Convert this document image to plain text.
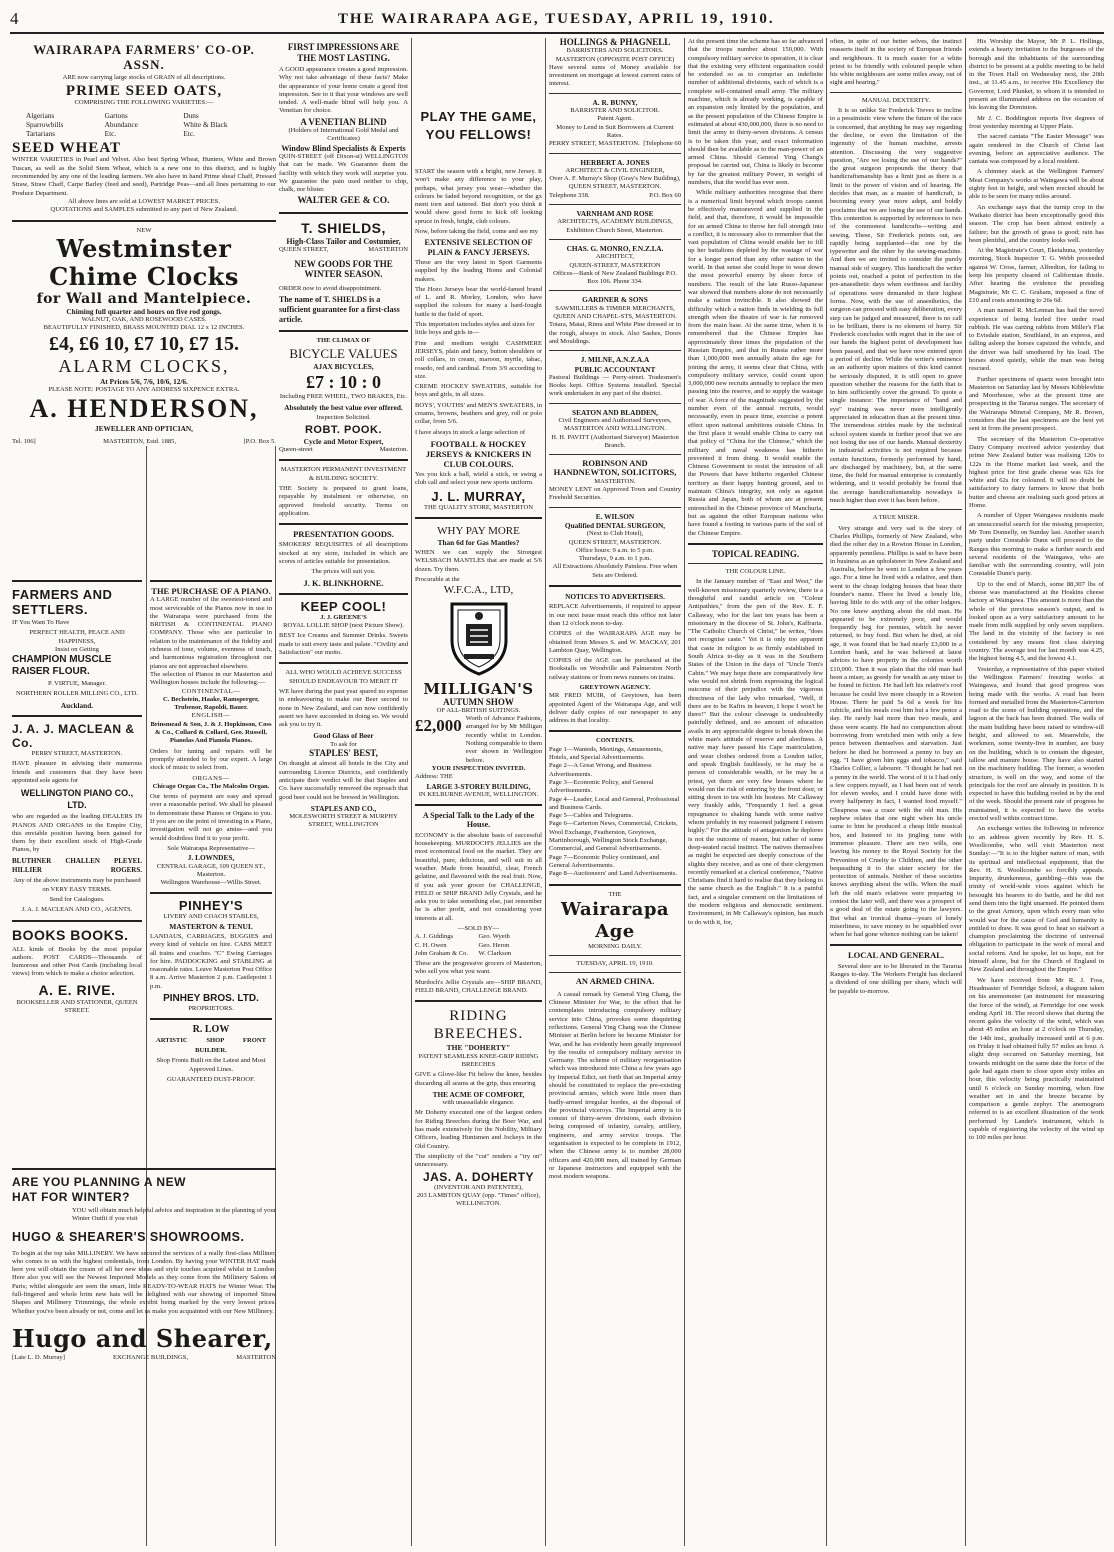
4	THE WAIRARAPA AGE, TUESDAY, APRIL 19, 1910.
WAIRARAPA FARMERS' CO-OP. ASSN.
ARE now carrying large stocks of GRAIN of all descriptions.
PRIME SEED OATS,
COMPRISING THE FOLLOWING VARIETIES:—
Algerians	Gartons	Duns
Sparrowbills	Abundance	White & Black
Tartarians	Etc.	Etc.
SEED WHEAT
WINTER VARIETIES in Pearl and Velvet. Also best Spring Wheat, Hunters, White and Brown Tuscan, as well as the Solid Stem Wheat, which is a new one to this district, and is highly recommended by any one of the leading farmers. We also have in hand Prime sheaf Chaff, Pressed Straw, Straw Chaff, Carpe Barley (feed and seed), Partridge Peas—and all lines pertaining to our Produce Department.
All above lines are sold at LOWEST MARKET PRICES.
QUOTATIONS and SAMPLES submitted to any part of New Zealand.
NEW
Westminster Chime Clocks
for Wall and Mantelpiece.
Chiming full quarter and hours on five rod gongs.
WALNUT, OAK, AND ROSEWOOD CASES.
BEAUTIFULLY FINISHED, BRASS MOUNTED DIAL 12 x 12 INCHES.
£4, £6 10, £7 10, £7 15.
ALARM CLOCKS,
At Prices 5/6, 7/6, 10/6, 12/6.
PLEASE NOTE: POSTAGE TO ANY ADDRESS SIXPENCE EXTRA.
A. HENDERSON,
JEWELLER AND OPTICIAN,
Tel. 106]	MASTERTON, Estd. 1885,	[P.O. Box 5.
FARMERS AND SETTLERS.
IF You Want To Have
PERFECT HEALTH, PEACE AND HAPPINESS,
Insist on Getting
CHAMPION MUSCLE RAISER FLOUR.
P. VIRTUE, Manager.
NORTHERN ROLLER MILLING CO., LTD.
Auckland.
J. A. J. MACLEAN & Co.
PERRY STREET, MASTERTON.
HAVE pleasure in advising their numerous friends and customers that they have been appointed sole agents for
WELLINGTON PIANO CO., LTD.
who are regarded as the leading DEALERS IN PIANOS AND ORGANS in the Empire City, this enviable position having been gained for them by their excellent stock of High-Grade Pianos, by
BLUTHNER CHALLEN PLEYEL
HILLIER	ROGERS.
Any of the above instruments may be purchased on VERY EASY TERMS.
Send for Catalogues.
J. A. J. MACLEAN AND CO., AGENTS.
BOOKS BOOKS.
ALL kinds of Books by the most popular authors. POST CARDS—Thousands of humorous and other Post Cards (including local views) from which to make a choice selection.
A. E. RIVE.
BOOKSELLER AND STATIONER, QUEEN STREET.
THE PURCHASE OF A PIANO.
A LARGE number of the sweetest-toned and most serviceable of the Pianos now in use in the Wairarapa were purchased from the BRITISH & CONTINENTAL PIANO COMPANY. Those who are particular in relation to the maintenance of the fidelity and richness of tone, volume, evenness of touch, and harmonious registration throughout our pianos are not approached elsewhere.
The selection of Pianos in our Masterton and Wellington houses include the following:—
CONTINENTAL—
C. Bechstein, Haake, Ramsperger, Trubenor, Rapoldi, Bauer.
ENGLISH—
Brinsmead & Son, J. & J. Hopkinson, Coss & Co., Collard & Collard, Geo. Russell, Pianolas And Pianola Pianos.
Orders for tuning and repairs will be promptly attended to by our expert. A large stock of music to select from.
ORGANS—
Chicago Organ Co., The Malcolm Organ.
Our terms of payment are easy and spread over a reasonable period. We shall be pleased to demonstrate these Pianos or Organs to you. If you are on the point of investing in a Piano, investigation will not go amiss—and you would doubtless find it to your profit.
Sole Wairarapa Representative—
J. LOWNDES,
CENTRAL GARAGE, 109 QUEEN ST., Masterton.
Wellington Warehouse—Willis Street.
PINHEY'S
LIVERY AND COACH STABLES,
MASTERTON & TENUI.
LANDAUS, CARRIAGES, BUGGIES and every kind of vehicle on hire. CABS MEET all trains and coaches. "C" Ewing Carriages for hire. PADDOCKING and STABLING at reasonable rates. Leave Masterton Post Office 8 a.m. Arrive Masterton 2 p.m. Castlepoint 1 p.m.
PINHEY BROS. LTD.
PROPRIETORS.
R. LOW
ARTISTIC	SHOP	FRONT
BUILDER.
Shop Fronts Built on the Latest and Most Approved Lines.
GUARANTEED DUST-PROOF.
ARE YOU PLANNING A NEW HAT FOR WINTER?
YOU will obtain much helpful advice and inspiration in the planning of your Winter Outfit if you visit
HUGO & SHEARER'S SHOWROOMS.
To begin at the top take MILLINERY. We have secured the services of a really first-class Milliner, who comes to us with the highest credentials, from London. By having your WINTER HAT made here you will obtain the cream of all her new ideas and style touches acquired whilst in London. Here also you will see the Newest Imported Models as they come from the Millinery Salons of Paris; whilst alongside are seen the smart, little READY-TO-WEAR HATS for Winter Wear. The full-fingered and whole brim new hats will be delighted with our showing of imported Straw Shapes and Millinery Trimmings, the whole exhibit being marked by the very lowest prices. Whether you've been already or not, come and let us make you acquainted with our New Millinery.
Hugo and Shearer,
[Late L. D. Murray]	EXCHANGE BUILDINGS,	MASTERTON
FIRST IMPRESSIONS ARE THE MOST LASTING.
A GOOD appearance creates a good impression. Why not take advantage of these facts? Make the appearance of your home create a good first impression. See to it that your windows are well tended. A well-made blind will help you. A Venetian for choice.
A VENETIAN BLIND
(Holders of International Gold Medal and Certificates)
Window Blind Specialists & Experts
QUIN-STREET (off Dixon-st) WELLINGTON that can be made. We Guarantee them the facility with which they work will surprise you. We guarantee the pain used neither to chip, chalk, nor blister.
WALTER GEE & CO.
T. SHIELDS,
High-Class Tailor and Costumier,
QUEEN STREET,	MASTERTON
NEW GOODS FOR THE WINTER SEASON.
ORDER now to avoid disappointment.
The name of T. SHIELDS is a sufficient guarantee for a first-class article.
THE CLIMAX OF
BICYCLE VALUES
AJAX BICYCLES,
£7 : 10 : 0
Including FREE WHEEL, TWO BRAKES, Etc.
Absolutely the best value ever offered.
Inspection Solicited.
ROBT. POOK.
Cycle and Motor Expert,
Queen-street	Masterton.
MASTERTON PERMANENT INVESTMENT & BUILDING SOCIETY.
THE Society is prepared to grant loans, repayable by instalment or otherwise, on approved freehold security. Terms on application.
PRESENTATION GOODS.
SMOKERS' REQUISITES of all descriptions stocked at my store, included in which are scores of articles suitable for presentation.
The prices will suit you.
J. K. BLINKHORNE.
KEEP COOL!
J. J. GREENE'S
ROYAL LOLLIE SHOP (next Picture Show).
BEST Ice Creams and Summer Drinks. Sweets made to suit every taste and palate. "Civility and Satisfaction" our motto.
ALL WHO WOULD ACHIEVE SUCCESS SHOULD ENDEAVOUR TO MERIT IT
WE have during the past year spared no expense in endeavouring to make our Beer second to none in New Zealand, and can now confidently assert we have succeeded in doing so. We would ask you to try it.
Good Glass of Beer
To ask for
STAPLES' BEST,
On draught at almost all hotels in the City and surrounding Licence Districts, and confidently anticipate their verdict will be that Staples and Co. have successfully removed the reproach that good beer could not be brewed in Wellington.
STAPLES AND CO.,
MOLESWORTH STREET & MURPHY STREET, WELLINGTON
PLAY THE GAME, YOU FELLOWS!
START the season with a bright, new Jersey. It won't make any difference to your play, perhaps, what jersey you wear—whether the colours be faded beyond recognition, or the gx ment torn and tattered. But don't you think it would show good form to kick off looking spruce in fresh, bright, club colours.
Now, before taking the field, come and see my
EXTENSIVE SELECTION OF PLAIN & FANCY JERSEYS.
These are the very latest in Sport Garments supplied by the leading Home and Colonial makers.
The Hozo Jerseys bear the world-famed brand of L. and R. Morley, London, who have supplied the colours for many a hard-fought battle in the field of sport.
This importation includes styles and sizes for little boys and girls in—
Fine and medium weight CASHMERE JERSEYS, plain and fancy, button shoulders or roll collars, in cream, maroon, myrtle, tabac, rosedo, red and cardinal. From 3/9 according to size.
CREME HOCKEY SWEATERS, suitable for boys and girls, in all sizes.
BOYS', YOUTHS' and MEN'S SWEATERS, in creams, browns, heathers and grey, roll or polo collar, from 5/6.
I have always in stock a large selection of
FOOTBALL & HOCKEY JERSEYS & KNICKERS IN CLUB COLOURS.
Yes you kick a ball, wield a stick, or swing a club call and select your new sports uniform.
J. L. MURRAY,
THE QUALITY STORE, MASTERTON
WHY PAY MORE
Than 6d for Gas Mantles?
WHEN we can supply the Strongest WELSBACH MANTLES that are made at 5/6 dozen. Try them.
Procurable at the
W.F.C.A., LTD,
MILLIGAN'S
AUTUMN SHOW
OF ALL-BRITISH SUITINGS.
£2,000 Worth of Advance Fashions, arranged for by Mr Milligan recently whilst in London. Nothing comparable to them ever shown in Wellington before.
YOUR INSPECTION INVITED.
Address: THE
LARGE 3-STOREY BUILDING,
IN KELBURNE AVENUE, WELLINGTON.
A Special Talk to the Lady of the House.
ECONOMY is the absolute basis of successful housekeeping. MURDOCH'S JELLIES are the most economical food on the market. They are beautiful, pure, delicious, and will suit in all weather. Made from beautiful, clear, French gelatine, and flavoured with the real fruit. Now, if you ask your grocer for CHALLENGE, FIELD or SHIP BRAND Jelly Crystals, and he asks you to take something else, just remember he is after profit, and not considering your interests at all.
—SOLD BY—
A. J. Giddings	Geo. Wyeth
C. H. Owen	Geo. Heron
John Graham & Co.	W. Clarkson
These are the progressive grocers of Masterton, who sell you what you want.
Murdoch's Jellie Crystals are—SHIP BRAND, FIELD BRAND, CHALLENGE BRAND.
RIDING BREECHES.
THE "DOHERTY"
PATENT SEAMLESS KNEE-GRIP RIDING BREECHES
GIVE a Glove-like Fit below the knee, besides discarding all seams at the grip, thus ensuring
THE ACME OF COMFORT,
with unassailable elegance.
Mr Doherty executed one of the largest orders for Riding Breeches during the Boer War, and has made extensively for the Nobility, Military Officers, leading Huntsmen and Jockeys in the Old Country.
The simplicity of the "cut" renders a "try on" unnecessary.
JAS. A. DOHERTY
(INVENTOR AND PATENTEE),
203 LAMBTON QUAY (opp. "Times" office), WELLINGTON.
HOLLINGS & PHAGNELL
BARRISTERS AND SOLICITORS.
MASTERTON (OPPOSITE POST OFFICE)
Have several sums of Money available for investment on mortgage at lowest current rates of interest.
A. R. BUNNY,
BARRISTER AND SOLICITOR.
Patent Agent.
Money to Lend in Suit Borrowers at Current Rates.
PERRY STREET, MASTERTON. [Telephone 60
HERBERT A. JONES
ARCHITECT & CIVIL ENGINEER,
Over A. F. Murray's Shop (Gray's New Building), QUEEN STREET, MASTERTON.
Telephone 338.	P.O. Box 60
VARNHAM AND ROSE
ARCHITECTS, ACADEMY BUILDINGS, Exhibition Church Street, Masterton.
CHAS. G. MONRO, F.N.Z.I.A.
ARCHITECT,
QUEEN-STREET, MASTERTON
Offices—Bank of New Zealand Buildings P.O. Box 106. Phone 334.
GARDNER & SONS
SAWMILLERS & TIMBER MERCHANTS,
QUEEN AND CHAPEL-STS, MASTERTON.
Totara, Matai, Rimu and White Pine dressed or in the rough, always in stock. Also Sashes, Doors and Mouldings.
J. MILNE, A.N.Z.A.A
PUBLIC ACCOUNTANT
Pastoral Buildings — Perry-street. Tradesmen's Books kept. Office Systems installed. Special work undertaken in any part of the district.
SEATON AND BLADDEN,
Civil Engineers and Authorised Surveyors,
MASTERTON AND WELLINGTON.
H. H. PAVITT (Authorised Surveyor) Masterton Branch.
ROBINSON AND HANDNEWTON, SOLICITORS,
MASTERTON.
MONEY LENT on Approved Town and Country Freehold Securities.
E. WILSON
Qualified DENTAL SURGEON,
(Next to Club Hotel),
QUEEN STREET, MASTERTON.
Office hours: 9 a.m. to 5 p.m.
Thursdays, 9 a.m. to 1 p.m.
All Extractions Absolutely Painless. Free when Sets are Ordered.
NOTICES TO ADVERTISERS.
REPLACE Advertisements, if required to appear in our next issue must reach this office not later than 12 o'clock noon to-day.
COPIES of the WAIRARAPA AGE may be obtained from Messrs S. and W. MACKAY, 201 Lambton Quay, Wellington.
COPIES of the AGE can be purchased at the Bookstalls on Woodville and Palmerston North railway stations or from news runners on trains.
GREYTOWN AGENCY.
MR FRED MUIR, of Greytown, has been appointed Agent of the Wairarapa Age, and will deliver daily copies of our newspaper to any address in that locality.
CONTENTS.
Page 1—Wanteds, Meetings, Amusements, Hotels, and Special Advertisements.
Page 2—A Great Wrong, and Business Advertisements.
Page 3—Economic Policy, and General Advertisements.
Page 4—Leader, Local and General, Professional and Business Cards.
Page 5—Cables and Telegrams.
Page 6—Carterton News, Commercial, Crickets, Wool Exchange, Featherston, Greytown, Martinborough, Wellington Stock Exchange, Commercial, and General Advertisements.
Page 7—Economic Policy continued, and General Advertisements.
Page 8—Auctioneers' and Land Advertisements.
THE
Wairarapa Age
MORNING DAILY.
TUESDAY, APRIL 19, 1910.
AN ARMED CHINA.
A casual remark by General Ying Chang, the Chinese Minister for War, to the effect that he contemplates introducing compulsory military service into China, provokes some disquieting reflections. General Ying Chang was the Chinese Minister at Berlin before he became Minister for War, and he has evidently been greatly impressed by the results of compulsory military service in Germany. The scheme of military reorganisation which was introduced into China a few years ago by Imperial Edict, set forth that an Imperial army should be constituted to replace the pre-existing provincial armies, which were little more than badly-armed irregular hordes, at the disposal of the provincial viceroys. The Imperial army is to consist of thirty-seven divisions, each division being composed of infantry, cavalry, artillery, engineers, and army service troops. The organisation is expected to be complete in 1912, when the Chinese army is to number 28,000 officers and 420,000 men, all trained by German or Japanese instructors and equipped with the most modern weapons.
At the present time the scheme has so far advanced that the troops number about 150,000. With compulsory military service in operation, it is clear that the existing very efficient organisation could be extended so as to comprise an indefinite number of additional divisions, each of which is a complete self-contained small army. The military machine, which is already working, is capable of an expansion only limited by the population, and as the present population of the Chinese Empire is estimated at about 430,000,000, there is no need to limit the army to thirty-seven divisions. A census is to be taken this year, and exact information should then be available as to the man-power of an armed China. Should General Ying Chang's proposal be carried out, China is likely to become by far the greatest military Power, in weight of numbers, that the world has ever seen.
While military authorities recognise that there is a numerical limit beyond which troops cannot be effectively manoeuvred and supplied in the field, and that, therefore, it would be impossible for an armed China to throw her full strength into a conflict, it is necessary also to remember that the vast population of China would enable her to fill up her battalions depleted by the wastage of war for a longer period than any other nation in the world. In that sense she could hope to wear down the most powerful enemy by sheer force of numbers. The result of the late Russo-Japanese war showed that numbers alone do not necessarily make a nation invincible. It also showed the difficulty which a nation finds in wielding its full strength when the theatre of war is far removed from the main base. At the same time, when it is remembered that the Chinese Empire has approximately three times the population of the Russian Empire, and that in Russia rather more than 1,000,000 men annually attain the age for joining the army, it seems clear that China, with compulsory military service, could count upon 3,000,000 new recruits annually to replace the men passing into the reserve, and to supply the wastage of war. A force of the magnitude suggested by the number even of the annual recruits, would necessarily, even in peace time, exercise a potent effect upon national ambitions outside China. In the first place it would enable China to carry out that policy of "China for the Chinese," which the military and naval weakness has hitherto prevented it from doing. It would enable the Chinese Government to resist the intrusion of all the Powers that have hitherto regarded Chinese territory as their happy hunting ground, and to maintain China's integrity, not only as against Russia and Japan, both of whom are at present entrenched in the Chinese province of Manchuria, but as against the other European nations who have found a footing in various parts of the soil of the Chinese Empire.
TOPICAL READING.
THE COLOUR LINE.
In the January number of "East and West," the well-known missionary quarterly review, there is a thoughtful and candid article on "Colour Antipathies," from the pen of the Rev. E. F. Callaway, who for the last ten years has been a missionary in the diocese of St. John's, Kaffraria. "The Catholic Church of Christ," he writes, "does not recognise caste." Yet it is only too apparent that caste in religion is as firmly established in South Africa to-day as it was in the Southern States of the Union in the days of "Uncle Tom's Cabin." We may hope there are comparatively few who would not shrink from expressing the logical outcome of their prejudice with the vigorous directness of the lady who remarked, "Well, if there are to be Kafirs in heaven, I hope I won't be there!" But the colour cleavage is undoubtedly painfully defined, and no amount of education avails in any appreciable degree to break down the white man's attitude of reserve and aloofness. A native may have passed his Cape matriculation, and wear clothes ordered from a London tailor, and speak English faultlessly, or he may be a person of considerable wealth, or he may be a priest, yet there are very few houses where he would run the risk of entering by the front door, or sitting down to tea with his hostess. Mr Callaway very frankly adds, "Frequently I feel a great repugnance to shaking hands with some native whom probably in my reasoned judgment I esteem highly." For the attitude of antagonism he deplores is not the outcome of reason, but rather of some deep-seated racial instinct. The natives themselves as might be expected are deeply conscious of the slights they receive, and as one of their clergymen recently remarked at a clerical conference, "Native Christians find it hard to realise that they belong to the same church as the English." It is a painful fact, and a singular comment on the limitations of the modern religious and democratic sentiment. Environment, in Mr Callaway's opinion, has much to do with it, for,
often, in spite of our better selves, the instinct reasserts itself in the society of European friends and neighbours. It is much easier for a white priest to be friendly with coloured people when his white neighbours are some miles away, out of sight and hearing."
MANUAL DEXTERITY.
It is so unlike Sir Frederick Treves to incline to a pessimistic view where the future of the race is concerned, that anything he may say regarding the decline, or even the limitation of the ingenuity of the human machine, arrests attention. Discussing the very suggestive question, "Are we losing the use of our hands?" the great surgeon propounds the theory that handicraftsmanship has a limit just as there is a limit to the power of vision and of hearing. He decides that man, as a master of handicraft, is becoming every year more adept, and boldly proclaims that we are losing the use of our hands. This contention is supported by references to two of the commonest handicrafts—writing and sewing. These, Sir Frederick points out, are rapidly being supplanted—the one by the typewriter and the other by the sewing-machine. And then we are invited to consider the purely manual side of surgery. This handicraft the writer points out, reached a point of perfection in the pre-anaesthetic days when swiftness and facility of operations were demanded in their highest forms. Now, with the use of anaesthetics, the surgeon can proceed with easy deliberation, every step can be judged and measured, there is no call to be brilliant, there is no element of hurry. Sir Frederick concludes with regret that in the use of our hands the highest point of development has been passed, and that we have now entered upon a period of decline. While the writer's eminence as an authority upon matters of this kind cannot be seriously disputed, it is still open to grave question whether the reasons for the faith that is in him sufficiently cover the ground. To quote a single instance: The importance of "hand and eye" training was never more intelligently appreciated in education than at the present time. The tremendous strides made by the technical school system stands in further proof that we are not losing the use of our hands. Manual dexterity in industrial activities is not required because certain functions, formerly performed by hand, are discharged by machinery, but, at the same time, the field for manual enterprise is constantly widening, and it would probably be found that the average handicraftsmanship nowadays is much higher than ever it has been before.
A TRUE MISER.
Very strange and very sad is the story of Charles Phillips, formerly of New Zealand, who died the other day in a Rowton House in London, apparently penniless. Phillips is said to have been in business as an upholsterer in New Zealand and Australia, before he went to London a few years ago. For a time he lived with a relative, and then went to the cheap lodging houses that bear their founder's name. There he lived a lonely life, having little to do with any of the other lodgers. No one knew anything about the old man. He appeared to be extremely poor, and would frequently beg for pennies, which he never returned, to buy food. But when he died, at old age, it was found that he had nearly £3,000 in a London bank, and he was believed at latest advices to have property in the colonies worth £10,000. Then it was plain that the old man had been a miser, as greedy for wealth as any miser to be found in fiction. He had left his relative's roof because he could live more cheaply in a Rowton House. There he paid 5s 6d a week for his cubicle, and his meals cost him but a few pence a day. He rarely had more than two meals, and these were scanty. He had no compunction about borrowing from wretched men with only a few pence between themselves and starvation. Just before he died he borrowed a penny to buy an egg. "I have given him eggs and tobacco," said Charles Collier, a labourer. "I thought he had not a penny in the world. The worst of it is I had only a few coppers myself, as I had been out of work for eleven weeks, and I could have done with every halfpenny in fact, I wanted food myself." Cheapness was a craze with the old man. His nephew relates that one night when his uncle came to him he produced a cheap little musical box, and listened to its jingling tune with immense pleasure. There are two wills, one leaving his money to the Royal Society for the Prevention of Cruelty to Children, and the other bequeathing it to the sister society for the protection of animals. Neither of these societies knows anything about the wills. When the mail left the old man's relatives were preparing to contest the later will, and there was a prospect of a good deal of the estate going to the lawyers. But what an ironical drama—years of lonely miserliness, to save money to be squabbled over when he had gone whence nothing can be taken!
LOCAL AND GENERAL.
Several deer are to be liberated in the Tararua Ranges to-day. The Workers Freight has declared a dividend of one shilling per share, which will be payable to-morrow.
His Worship the Mayor, Mr P. L. Hollings, extends a hearty invitation to the burgesses of the borough and the inhabitants of the surrounding district to be present at a public meeting to be held in the Town Hall on Wednesday next, the 20th inst., at 11.45 a.m., to receive His Excellency the Governor, Lord Plunket, to whom it is intended to present an illuminated address on the occasion of his leaving the Dominion.
Mr J. C. Boddington reports five degrees of frost yesterday morning at Upper Plain.
The sacred cantata "The Easter Message" was again rendered in the Church of Christ last evening, before an appreciative audience. The cantata was composed by a local resident.
A chimney stack at the Wellington Farmers' Meat Company's works at Waingawa will be about eighty feet in height, and when erected should be able to be seen for many miles around.
An exchange says that the turnip crop in the Waikato district has been exceptionally good this season. The crop has been almost entirely a failure; but the growth of grass is good; rain has been plentiful, and the country looks well.
At the Magistrate's Court, Eketahuna, yesterday morning, Stock Inspector T. G. Webb proceeded against W. Cross, farmer, Alfredton, for failing to keep his property cleared of Californian thistle. After hearing the evidence the presiding Magistrate, Mr C. C. Graham, imposed a fine of £10 and costs amounting to 26s 6d.
A man named R. McLennan has had the novel experience of being hurled five under road rubbish. He was carting rabbits from Miller's Flat to Evisdale station, Southland, in an express, and falling asleep the horses capsized the vehicle, and the driver was half smothered by his load. The horses stood quietly, while the man was being rescued.
Further specimens of quartz were brought into Masterton on Saturday last by Messrs Kibblewhite and Moorhouse, who at the present time are prospecting in the Tararua ranges. The secretary of the Wairarapa Mineral Company, Mr R. Brown, considers that the last specimens are the best yet sent in from the present prospect.
The secretary of the Masterton Co-operative Dairy Company received advice yesterday that prime New Zealand butter was realising 120s to 122s in the Home market last week, and the highest price for first grade cheese was 62s for white and 62s for coloured. It will no doubt be satisfactory to dairy farmers to know that both butter and cheese are realising such good prices at Home.
A number of Upper Waingawa residents made an unsuccessful search for the missing prospector, Mr Tom Donnelly, on Sunday last. Another search party under Constable Dunn will proceed to the Ranges this morning to make a further search and several residents of the Waingawa, who are familiar with the surrounding country, will join Constable Dunn's party.
Up to the end of March, some 88,307 lbs of cheese was manufactured at the Hoskins cheese factory at Waingawa. This amount is more than the whole of the previous season's output, and is looked upon as a very satisfactory amount to be made from milk supplied by only seven suppliers. The land in the vicinity of the factory is not considered by any means first class dairying country. The average test for last month was 4.25, the highest being 4.5, and the lowest 4.1.
Yesterday, a representative of this paper visited the Wellington Farmers' freezing works at Waingawa, and found that good progress was being made with the works. A road has been formed and metalled from the Masterton-Carterton road to the scene of building operations, and the lagoon at the back has been drained. The walls of the main building have been raised to window-sill height, and allowed to set. Meanwhile, the workmen, some twenty-five in number, are busy on the building, which is to contain the digester, tallow and manure house. They have also started on the machinery building. The former, a wooden structure, is well on the way, and some of the principals for the roof are already in position. It is expected to have this building roofed in by the end of the week. Should the present rate of progress be maintained, it is expected to have the works erected well within contract time.
An exchange writes the following in reference to an address given recently by Rev. H. S. Woollcombe, who will visit Masterton next Sunday:—"It is to the higher nature of man, with its spiritual and intellectual equipment, that the Rev. H. S. Woollcombe so forcibly appeals. Impurity, drunkenness, gambling—this was the trinity of world-wide vices against which he besought his hearers to do battle, and he did not send them into the fight unarmed. He pointed them to the great Armory, upon which every man who would war for the cause of God and humanity is entitled to draw. It was good to hear so stalwart a champion proclaiming the doctrine of universal obligation to participate in the work of moral and social reform. And he spoke, let us hope, not for himself alone, but for the Church of England in New Zealand and throughout the Empire."
We have received from Mr R. J. Foss, Headmaster of Fernridge School, a diagram taken on his anemometer (an instrument for measuring the force of the wind), at Fernridge for one week ending April 18. The record shows that during the recent gales the velocity of the wind, which was about 45 miles an hour at 2 o'clock on Thursday, the 14th inst., gradually increased until at 6 p.m. on Friday it had obtained fully 57 miles an hour. A slight drop occurred on Saturday morning, but towards midnight on the same date the force of the gale had again risen to close upon sixty miles an hour, this velocity being practically maintained until 6 o'clock on Sunday morning, when fine weather set in and the breeze became by comparison a gentle zephyr. The anemogram referred to is an excellent illustration of the work performed by Lander's instrument, which is capable of registering the velocity of the wind up to 100 miles per hour.
